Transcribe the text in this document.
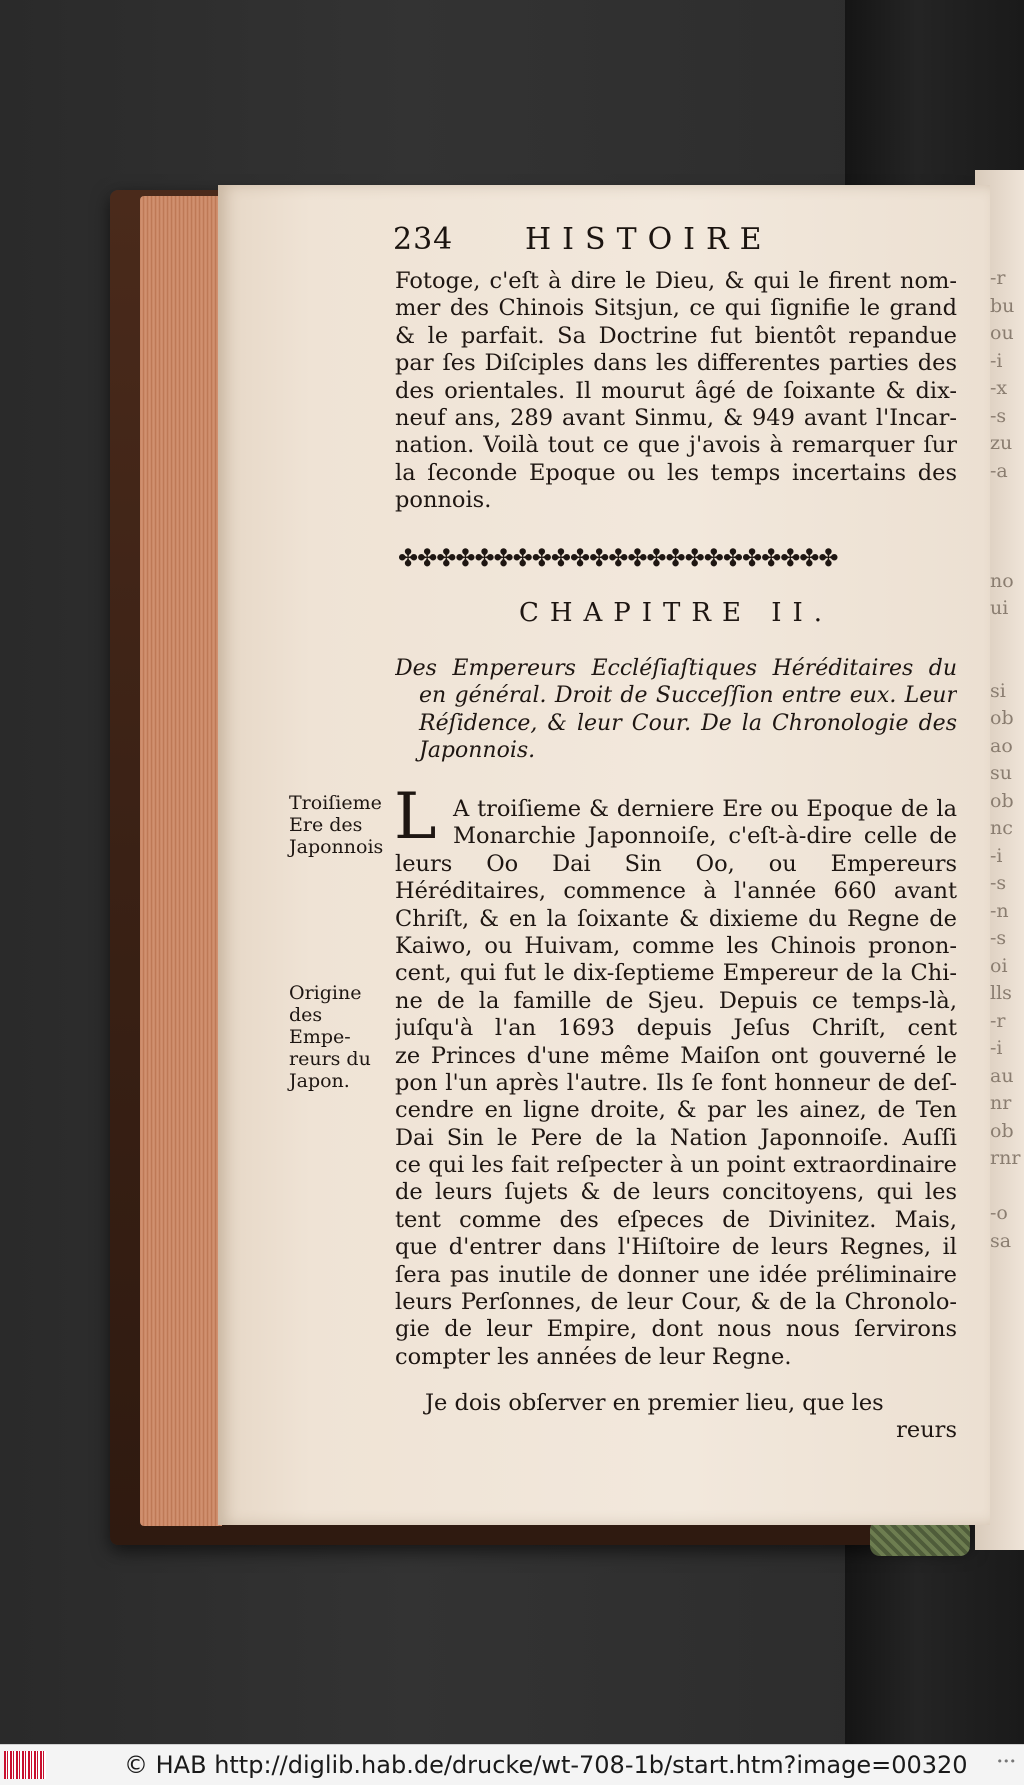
-r
bu
ou
-i
-x
-s
zu
-a

no
ui

si
ob
ao
su
ob
nc
-i
-s
-n
-s
oi
lls
-r
-i
au
nr
ob
rnr

-o
sa
234 HISTOIRE
Fotoge, c'eſt à dire le Dieu, & qui le firent nom-
mer des Chinois Sitsjun, ce qui ſignifie le grand
& le parfait. Sa Doctrine fut bientôt repandue
par ſes Diſciples dans les differentes parties des
des orientales. Il mourut âgé de ſoixante & dix-
neuf ans, 289 avant Sinmu, & 949 avant l'Incar-
nation. Voilà tout ce que j'avois à remarquer ſur
la ſeconde Epoque ou les temps incertains des
ponnois.
✤✤✤✤✤✤✤✤✤✤✤✤✤✤✤✤✤✤✤✤✤✤✤
CHAPITRE II.
Des Empereurs Eccléſiaſtiques Héréditaires du
en général. Droit de Succeſſion entre eux. Leur
Réſidence, & leur Cour. De la Chronologie des
Japonnois.
Troiſieme
Ere des
Japonnois
Origine
des Empe-
reurs du
Japon.
L A troiſieme & derniere Ere ou Epoque de la
Monarchie Japonnoiſe, c'eſt-à-dire celle de
leurs Oo Dai Sin Oo, ou Empereurs
Héréditaires, commence à l'année 660 avant
Chriſt, & en la ſoixante & dixieme du Regne de
Kaiwo, ou Huivam, comme les Chinois pronon-
cent, qui fut le dix-ſeptieme Empereur de la Chi-
ne de la famille de Sjeu. Depuis ce temps-là,
juſqu'à l'an 1693 depuis Jeſus Chriſt, cent
ze Princes d'une même Maiſon ont gouverné le
pon l'un après l'autre. Ils ſe font honneur de deſ-
cendre en ligne droite, & par les ainez, de Ten
Dai Sin le Pere de la Nation Japonnoiſe. Auſſi
ce qui les fait reſpecter à un point extraordinaire
de leurs ſujets & de leurs concitoyens, qui les
tent comme des eſpeces de Divinitez. Mais,
que d'entrer dans l'Hiſtoire de leurs Regnes, il
ſera pas inutile de donner une idée préliminaire
leurs Perſonnes, de leur Cour, & de la Chronolo-
gie de leur Empire, dont nous nous ſervirons
compter les années de leur Regne.
Je dois obſerver en premier lieu, que les
reurs
© HAB http://diglib.hab.de/drucke/wt-708-1b/start.htm?image=00320	•••
